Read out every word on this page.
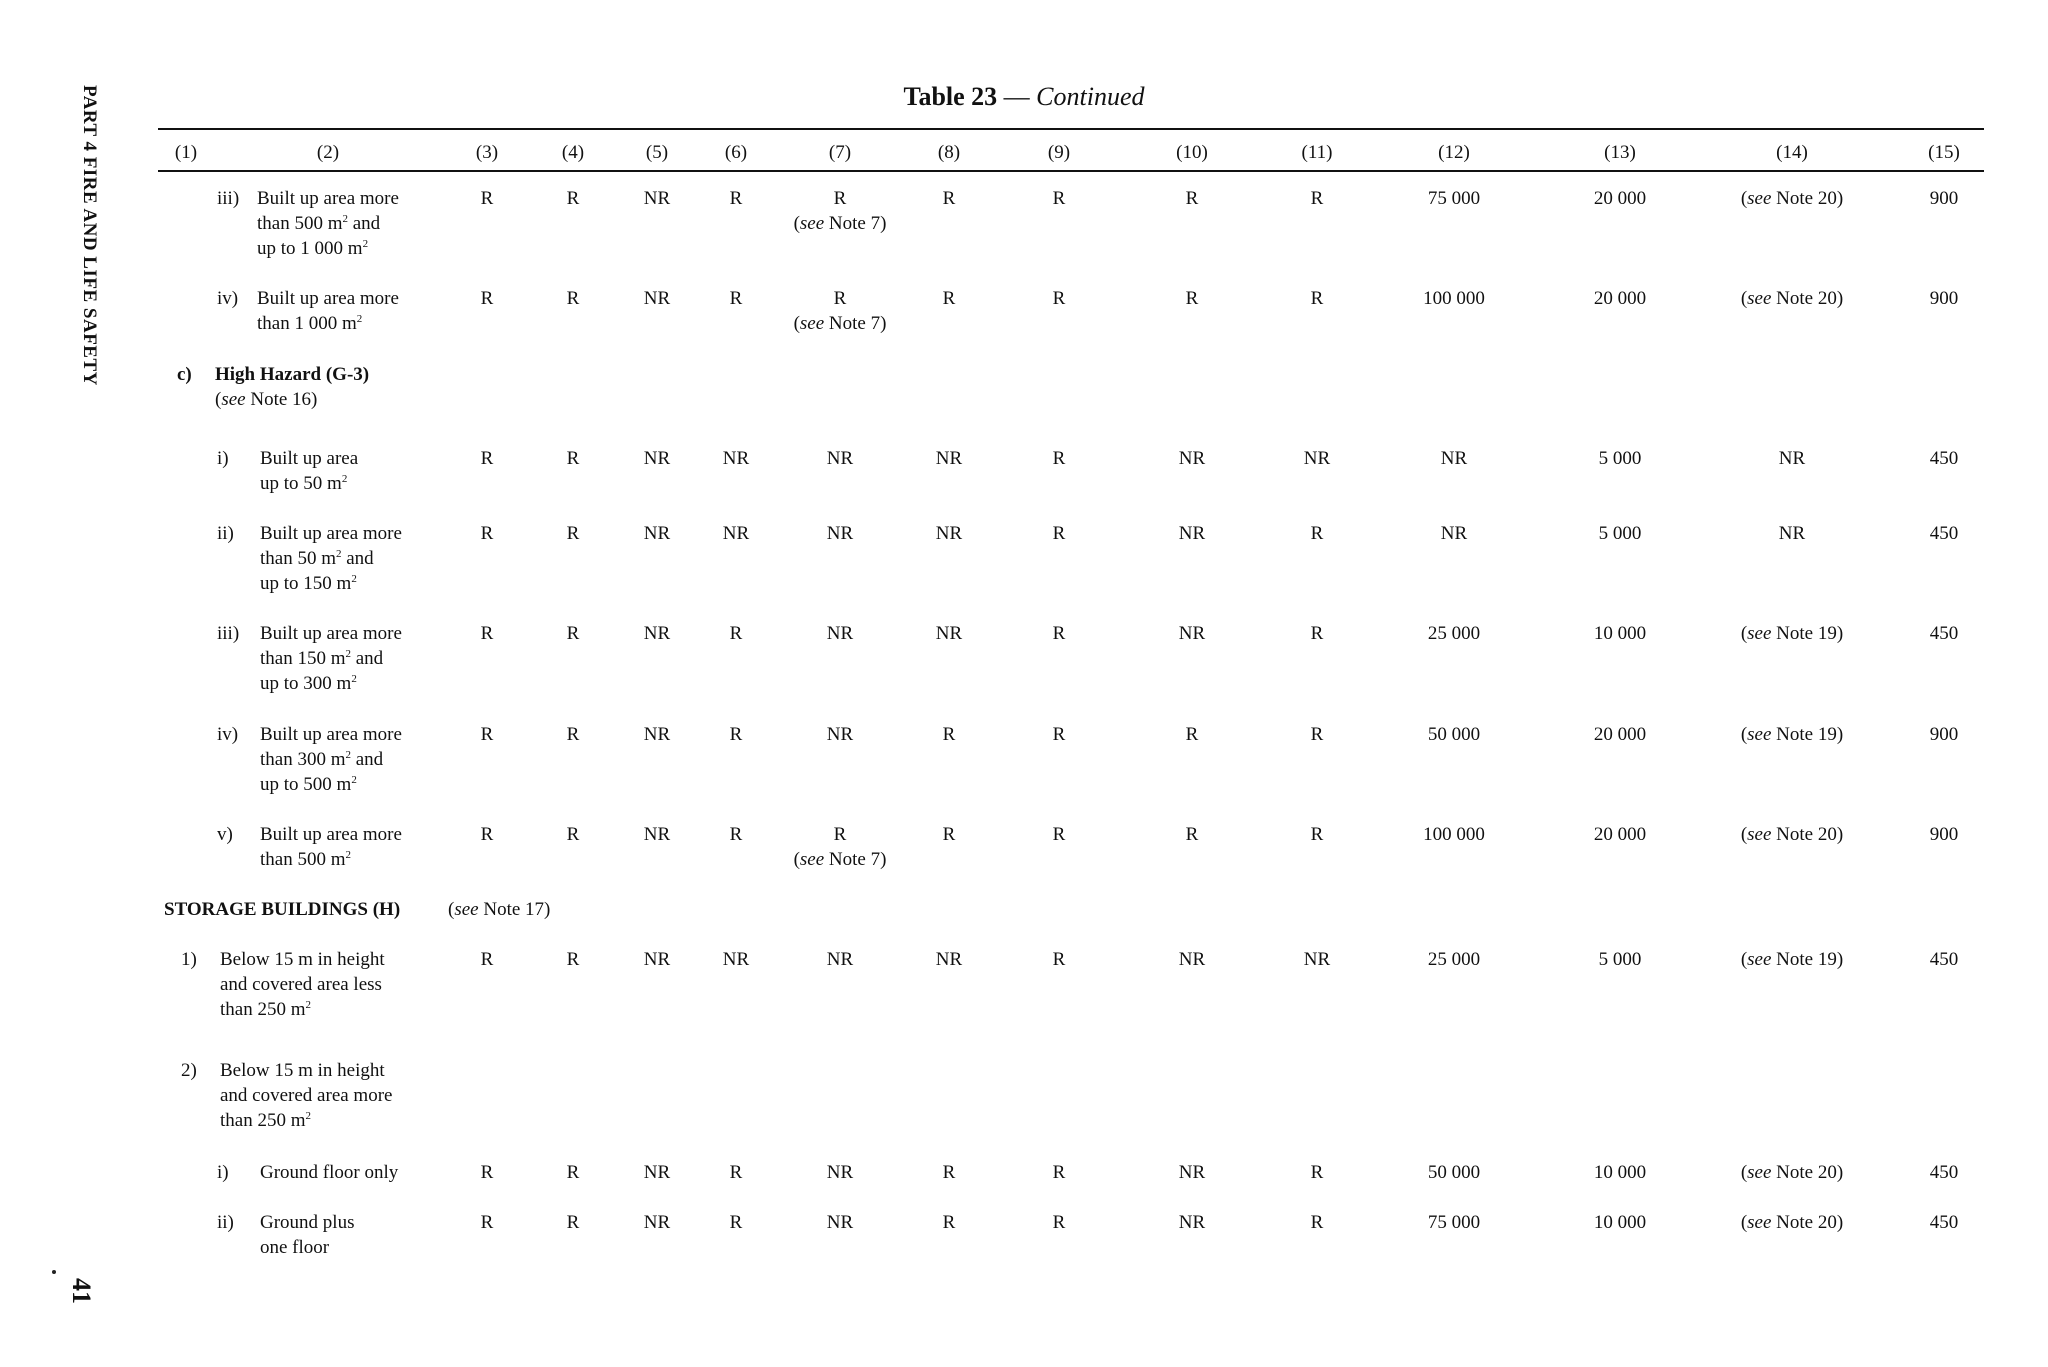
PART 4 FIRE AND LIFE SAFETY
41
Table 23 — Continued
(1)	(2)	(3)	(4)	(5)	(6)	(7)	(8)	(9)	(10)	(11)	(12)	(13)	(14)	(15)
iii) Built up area more
than 500 $m^2$ and
up to 1 000 $m^2$
R	R	NR	R	R	R	R	R	R	75 000	20 000	(see Note 20)	900
(see Note 7)
iv) Built up area more
than 1 000 $m^2$
R	R	NR	R	R	R	R	R	R	100 000	20 000	(see Note 20)	900
(see Note 7)
i) Built up area
up to 50 $m^2$
R	R	NR	NR	NR	NR	R	NR	NR	NR	5 000	NR	450
ii) Built up area more
than 50 $m^2$ and
up to 150 $m^2$
R	R	NR	NR	NR	NR	R	NR	R	NR	5 000	NR	450
iii) Built up area more
than 150 $m^2$ and
up to 300 $m^2$
R	R	NR	R	NR	NR	R	NR	R	25 000	10 000	(see Note 19)	450
iv) Built up area more
than 300 $m^2$ and
up to 500 $m^2$
R	R	NR	R	NR	R	R	R	R	50 000	20 000	(see Note 19)	900
v) Built up area more
than 500 $m^2$
R	R	NR	R	R	R	R	R	R	100 000	20 000	(see Note 20)	900
(see Note 7)
1) Below 15 m in height
and covered area less
than 250 $m^2$
R	R	NR	NR	NR	NR	R	NR	NR	25 000	5 000	(see Note 19)	450
2) Below 15 m in height
and covered area more
than 250 $m^2$
i) Ground floor only	R	R	NR	R	NR	R	R	NR	R	50 000	10 000	(see Note 20)	450
ii) Ground plus
one floor
R	R	NR	R	NR	R	R	NR	R	75 000	10 000	(see Note 20)	450
c) High Hazard (G-3)
(see Note 16)
STORAGE BUILDINGS (H)	(see Note 17)
